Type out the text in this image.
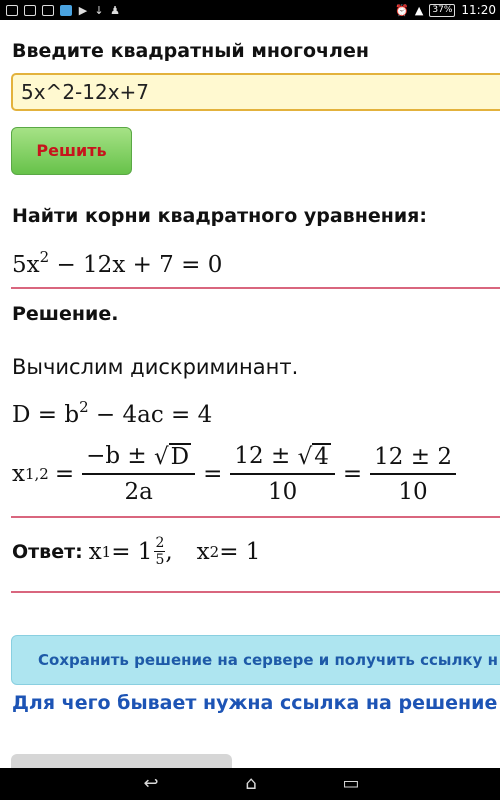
▶ ↓ ♟	⏰ ▲	37% 11:20
Введите квадратный многочлен
5x^2-12x+7
Решить
Найти корни квадратного уравнения:
$5x^2 - 12x + 7 = 0$
Решение.
Вычислим дискриминант.
$D = b^2 - 4ac = 4$
x $1,2 = \frac{-b \pm √ D}{2a} = \frac{12 \pm √ 4}{10} = \frac{12 \pm 2}{10}$
Ответ: x $1 = 1 \frac{2}{5}$ , x 2 = 1
Сохранить решение на сервере и получить ссылку н
Для чего бывает нужна ссылка на решение
↩	⌂	▭
